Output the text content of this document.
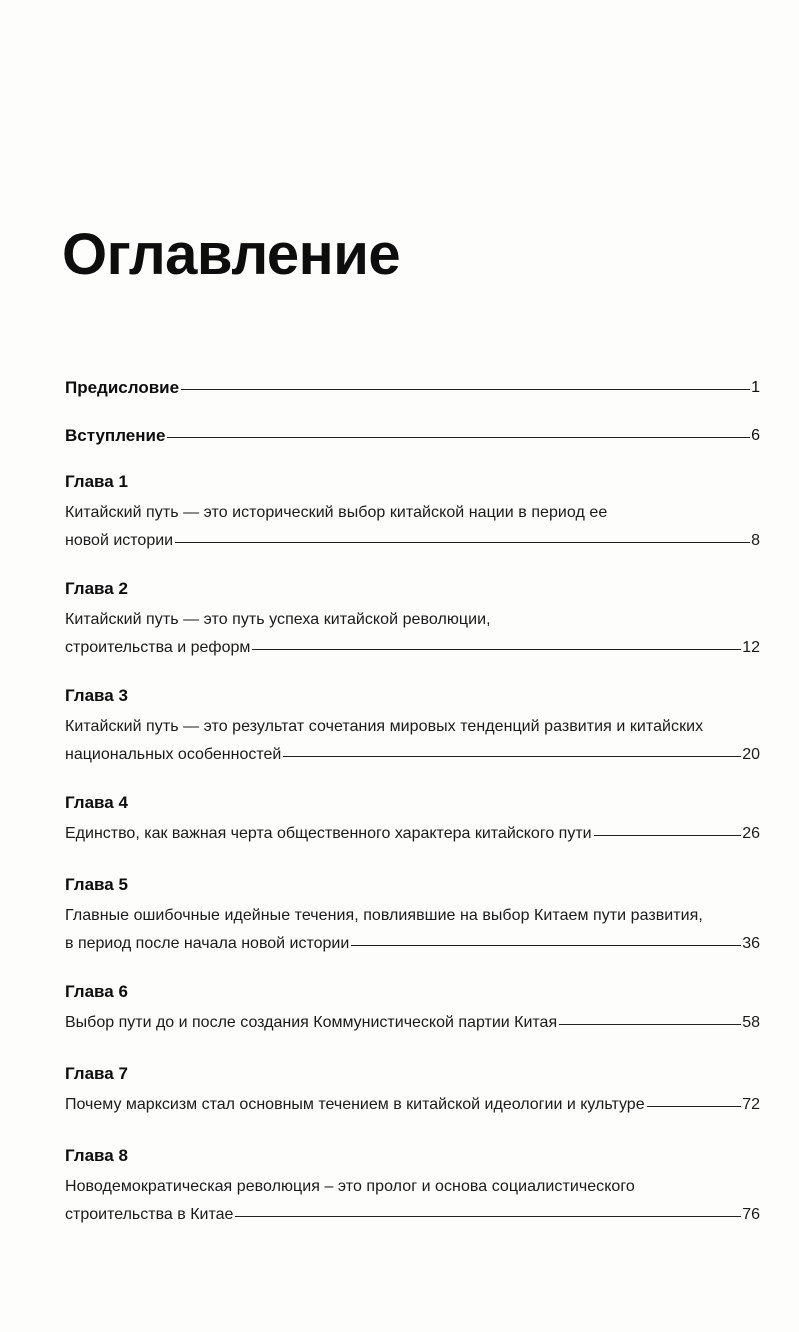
Оглавление
Предисловие	1
Вступление	6
Глава 1
Китайский путь — это исторический выбор китайской нации в период ее
новой истории	8
Глава 2
Китайский путь — это путь успеха китайской революции,
строительства и реформ	12
Глава 3
Китайский путь — это результат сочетания мировых тенденций развития и китайских
национальных особенностей	20
Глава 4
Единство, как важная черта общественного характера китайского пути	26
Глава 5
Главные ошибочные идейные течения, повлиявшие на выбор Китаем пути развития,
в период после начала новой истории	36
Глава 6
Выбор пути до и после создания Коммунистической партии Китая	58
Глава 7
Почему марксизм стал основным течением в китайской идеологии и культуре	72
Глава 8
Новодемократическая революция – это пролог и основа социалистического
строительства в Китае	76
